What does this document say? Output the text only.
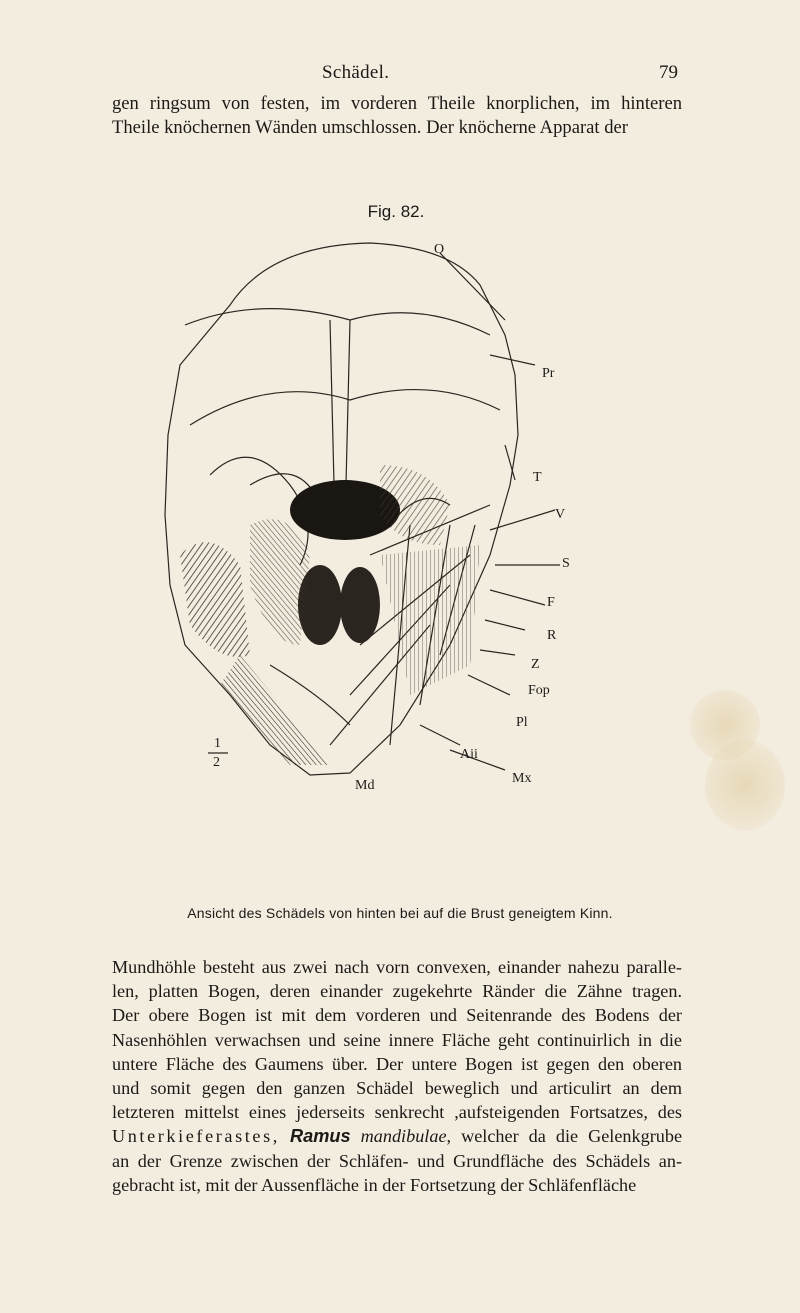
Schädel.	79

gen ringsum von festen, im vorderen Theile knorplichen, im hinteren
Theile knöchernen Wänden umschlossen. Der knöcherne Apparat der

Fig. 82.
O
Pr
T
V
S
F
R
Z
Fop
Pl
Mx
Aii
Md
1
2
Ansicht des Schädels von hinten bei auf die Brust geneigtem Kinn.

Mundhöhle besteht aus zwei nach vorn convexen, einander nahezu paralle-
len, platten Bogen, deren einander zugekehrte Ränder die Zähne tragen.
Der obere Bogen ist mit dem vorderen und Seitenrande des Bodens der
Nasenhöhlen verwachsen und seine innere Fläche geht continuirlich in die
untere Fläche des Gaumens über. Der untere Bogen ist gegen den oberen
und somit gegen den ganzen Schädel beweglich und articulirt an dem
letzteren mittelst eines jederseits senkrecht ,aufsteigenden Fortsatzes, des
Unterkieferastes, Ramus mandibulae, welcher da die Gelenkgrube
an der Grenze zwischen der Schläfen- und Grundfläche des Schädels an-
gebracht ist, mit der Aussenfläche in der Fortsetzung der Schläfenfläche
